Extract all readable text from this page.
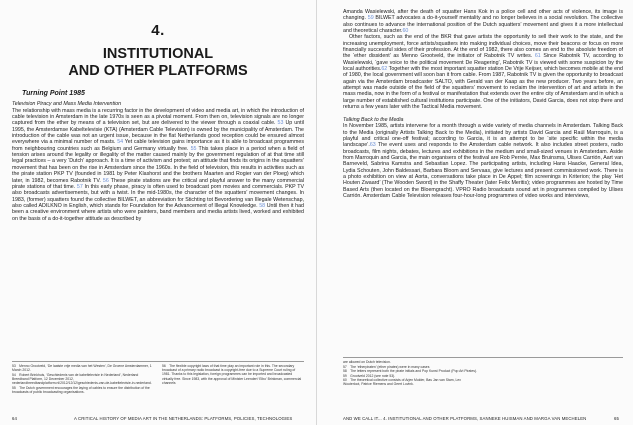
4.
INSTITUTIONAL
AND OTHER PLATFORMS
Turning Point 1985
Television Piracy and Mass Media Intervention

The relationship with mass media is a recurring factor in the development of video and media art, in which the introduction of cable television in Amsterdam in the late 1970s is seen as a pivotal moment. From then on, television signals are no longer captured from the ether by means of a television set, but are delivered to the viewer through a coaxial cable. 53 Up until 1995, the Amsterdamse Kabeltelevisie (KTA) (Amsterdam Cable Television) is owned by the municipality of Amsterdam. The introduction of the cable was not an urgent issue, because in the flat Netherlands good reception could be ensured almost everywhere via a minimal number of masts. 54 Yet cable television gains importance as it is able to broadcast programmes from neighbouring countries such as Belgium and Germany virtually free. 55 This takes place in a period when a field of tension arises around the legality or illegality of the matter caused mainly by the government regulation of at that time still legal practices – a very ‘Dutch’ approach. It is a time of activism and protest; an attitude that finds its origins in the squatters’ movement that has been on the rise in Amsterdam since the 1960s. In the field of television, this results in activities such as the pirate station PKP TV (founded in 1981 by Peter Klashorst and the brothers Maarten and Rogier van der Ploeg) which later, in 1982, becomes Rabotnik TV. 56 These pirate stations are the critical and playful answer to the many commercial pirate stations of that time. 57 In this early phase, piracy is often used to broadcast porn movies and commercials. PKP TV also broadcasts advertisements, but with a twist. In the mid-1980s, the character of the squatters’ movement changes. In 1983, (former) squatters found the collective BILWET, an abbreviation for Stichting tot Bevordering van Illegale Wetenschap, also called ADILKNO in English, which stands for Foundation for the Advancement of Illegal Knowledge. 58 Until then it had been a creative environment where artists who were painters, band members and media artists lived, worked and exhibited on the basis of a do-it-together attitude as described by

53 Menno Grootveld, ‘De laatste vrije media van het Westen’, De Groene Amsterdammer, 1 March 2012.
54 Robert Brinkhuis, ‘Geschiedenis van de kabeltelevisie in Nederland’, Nederland Breedband Platform, 12 December 2012, nederlandbreedbandplatform.nl/2012/12/12/geschiedenis-van-de-kabeltelevisie-in-nederland.
55 The Dutch government encourages the laying of cables to ensure the distribution of the broadcasts of public broadcasting organisations.
56 The flexible copyright laws of that time play an important role in this. The secondary broadcast of a primary radio broadcast is copyright-free due to a Supreme Court ruling of 1981. Thanks to this legislation, foreign programmes can be imported and broadcasted virtually free. Since 1983, with the approval of Minister Leendert ‘Eibo’ Brinkman, commercial channels
64	A CRITICAL HISTORY OF MEDIA ART IN THE NETHERLANDS: PLATFORMS, POLICIES, TECHNOLOGIES

Amanda Wasielewski, after the death of squatter Hans Kok in a police cell and other acts of violence, its image is changing. 59 BILWET advocates a do-it-yourself mentality and no longer believes in a social revolution. The collective also continues to advance the international position of the Dutch squatters’ movement and gives it a more intellectual and theoretical character.60

Other factors, such as the end of the BKR that gave artists the opportunity to sell their work to the state, and the increasing unemployment, force artists/squatters into making individual choices, move their beacons or focus on more financially successful sides of their profession. At the end of 1982, there also comes an end to the absolute freedom of the ‘ether dissident’ as Menno Grootveld, the initiator of Rabotnik TV writes. 61 Since Rabotnik TV, according to Wasielewski, ‘gave voice to the political movement De Reagering’, Rabotnik TV is viewed with some suspicion by the local authorities.62 Together with the most important squatter station De Vrije Keijser, which becomes mobile at the end of 1980, the local government will soon ban it from cable. From 1987, Rabotnik TV is given the opportunity to broadcast again via the Amsterdam broadcaster SALTO, with Gerald van der Kaap as the new producer. Two years before, an attempt was made outside of the field of the squatters’ movement to reclaim the intervention of art and artists in the mass media, now in the form of a festival or manifestation that extends over the entire city of Amsterdam and in which a large number of established cultural institutions participate. One of the initiators, David Garcia, does not stop there and returns a few years later with the Tactical Media movement.

Talking Back to the Media

In November 1985, artists intervene for a month through a wide variety of media channels in Amsterdam. Talking Back to the Media (originally Artists Talking Back to the Media), initiated by artists David Garcia and Raúl Marroquin, is a playful and critical one-off festival; according to Garcia, it is an attempt to be ‘site specific within the media landscape’.63 The event uses and responds to the Amsterdam cable network. It also includes street posters, radio broadcasts, film nights, debates, lectures and exhibitions in the medium and small-sized venues in Amsterdam. Aside from Marroquin and Garcia, the main organisers of the festival are Rob Perrée, Max Bruinsma, Ulises Carrión, Aart van Barneveld, Sabrina Kamstra and Sebastian Lopez. The participating artists, including Hans Haacke, General Idea, Lydia Schouten, John Baldessari, Barbara Bloom and Servaas, give lectures and present commissioned work. There is a photo exhibition on view at Aorta, conversations take place in De Appel; film screenings in Kriterion; the play ‘Het Houten Zwaard’ (The Wooden Sword) in the Shaffy Theater (later Felix Meritis); video programmes are hosted by Time Based Arts (then located on the Bloemgracht). VPRO Radio broadcasts sound art in programmes compiled by Ulises Carrión. Amsterdam Cable Television releases four-hour-long programmes of video works and interviews,

are allowed on Dutch television.
57 The ‘etherpiraten’ (ether pirates) were in many cases
58 The letters represent both the pirate initials and Pop Kunst Product (Pop Art Pirates).
59 Grootveld 2012 (see note 53).
60 The theoretical collective consists of Arjen Mulder, Bas Jan van Stam, Lex Wouterloot, Patrice Riemens and Geert Lovink.
AND WE CALL IT... 4. INSTITUTIONAL AND OTHER PLATFORMS, SANNEKE HUISMAN AND MARGA VAN MECHELEN	65
